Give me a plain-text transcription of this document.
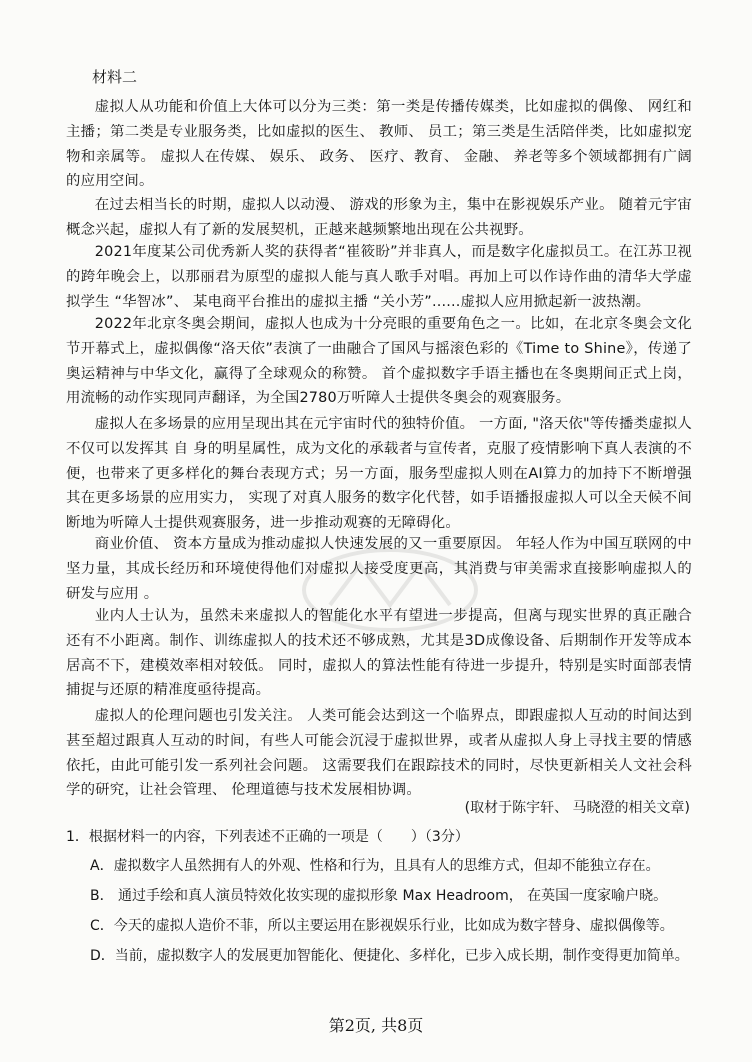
材料二

虚拟人从功能和价值上大体可以分为三类：第一类是传播传媒类，比如虚拟的偶像、 网红和主播；第二类是专业服务类，比如虚拟的医生、 教师、 员工；第三类是生活陪伴类，比如虚拟宠物和亲属等。 虚拟人在传媒、 娱乐、 政务、 医疗、教育、 金融、 养老等多个领域都拥有广阔的应用空间。

在过去相当长的时期，虚拟人以动漫、 游戏的形象为主，集中在影视娱乐产业。 随着元宇宙概念兴起，虚拟人有了新的发展契机，正越来越频繁地出现在公共视野。

2021年度某公司优秀新人奖的获得者“崔筱盼”并非真人，而是数字化虚拟员工。在江苏卫视的跨年晚会上，以那丽君为原型的虚拟人能与真人歌手对唱。再加上可以作诗作曲的清华大学虚拟学生 “华智冰”、 某电商平台推出的虚拟主播 “关小芳”......虚拟人应用掀起新一波热潮。

2022年北京冬奥会期间，虚拟人也成为十分亮眼的重要角色之一。比如，在北京冬奥会文化节开幕式上，虚拟偶像“洛天依”表演了一曲融合了国风与摇滚色彩的《Time to Shine》，传递了奥运精神与中华文化，赢得了全球观众的称赞。 首个虚拟数字手语主播也在冬奥期间正式上岗，用流畅的动作实现同声翻译，为全国2780万听障人士提供冬奥会的观赛服务。

虚拟人在多场景的应用呈现出其在元宇宙时代的独特价值。 一方面, "洛天依"等传播类虚拟人不仅可以发挥其 自 身的明星属性，成为文化的承载者与宣传者，克服了疫情影响下真人表演的不便，也带来了更多样化的舞台表现方式；另一方面，服务型虚拟人则在AI算力的加持下不断增强其在更多场景的应用实力， 实现了对真人服务的数字化代替，如手语播报虚拟人可以全天候不间断地为听障人士提供观赛服务，进一步推动观赛的无障碍化。

商业价值、 资本方量成为推动虚拟人快速发展的又一重要原因。 年轻人作为中国互联网的中 坚力量，其成长经历和环境使得他们对虚拟人接受度更高，其消费与审美需求直接影响虚拟人的研发与应用 。

业内人士认为，虽然未来虚拟人的智能化水平有望进一步提高，但离与现实世界的真正融合还有不小距离。制作、训练虚拟人的技术还不够成熟，尤其是3D成像设备、后期制作开发等成本居高不下，建模效率相对较低。 同时，虚拟人的算法性能有待进一步提升，特别是实时面部表情捕捉与还原的精准度亟待提高。

虚拟人的伦理问题也引发关注。 人类可能会达到这一个临界点，即跟虚拟人互动的时间达到甚至超过跟真人互动的时间，有些人可能会沉浸于虚拟世界，或者从虚拟人身上寻找主要的情感依托，由此可能引发一系列社会问题。 这需要我们在跟踪技术的同时，尽快更新相关人文社会科学的研究，让社会管理、 伦理道德与技术发展相协调。

(取材于陈宇轩、 马晓澄的相关文章)
1．根据材料一的内容，下列表述不正确的一项是（　　）（3分）

A．虚拟数字人虽然拥有人的外观、性格和行为，且具有人的思维方式，但却不能独立存在。

B． 通过手绘和真人演员特效化妆实现的虚拟形象 Max Headroom， 在英国一度家喻户晓。

C．今天的虚拟人造价不菲，所以主要运用在影视娱乐行业，比如成为数字替身、虚拟偶像等。

D．当前，虚拟数字人的发展更加智能化、便捷化、多样化，已步入成长期，制作变得更加简单。

第2页, 共8页
